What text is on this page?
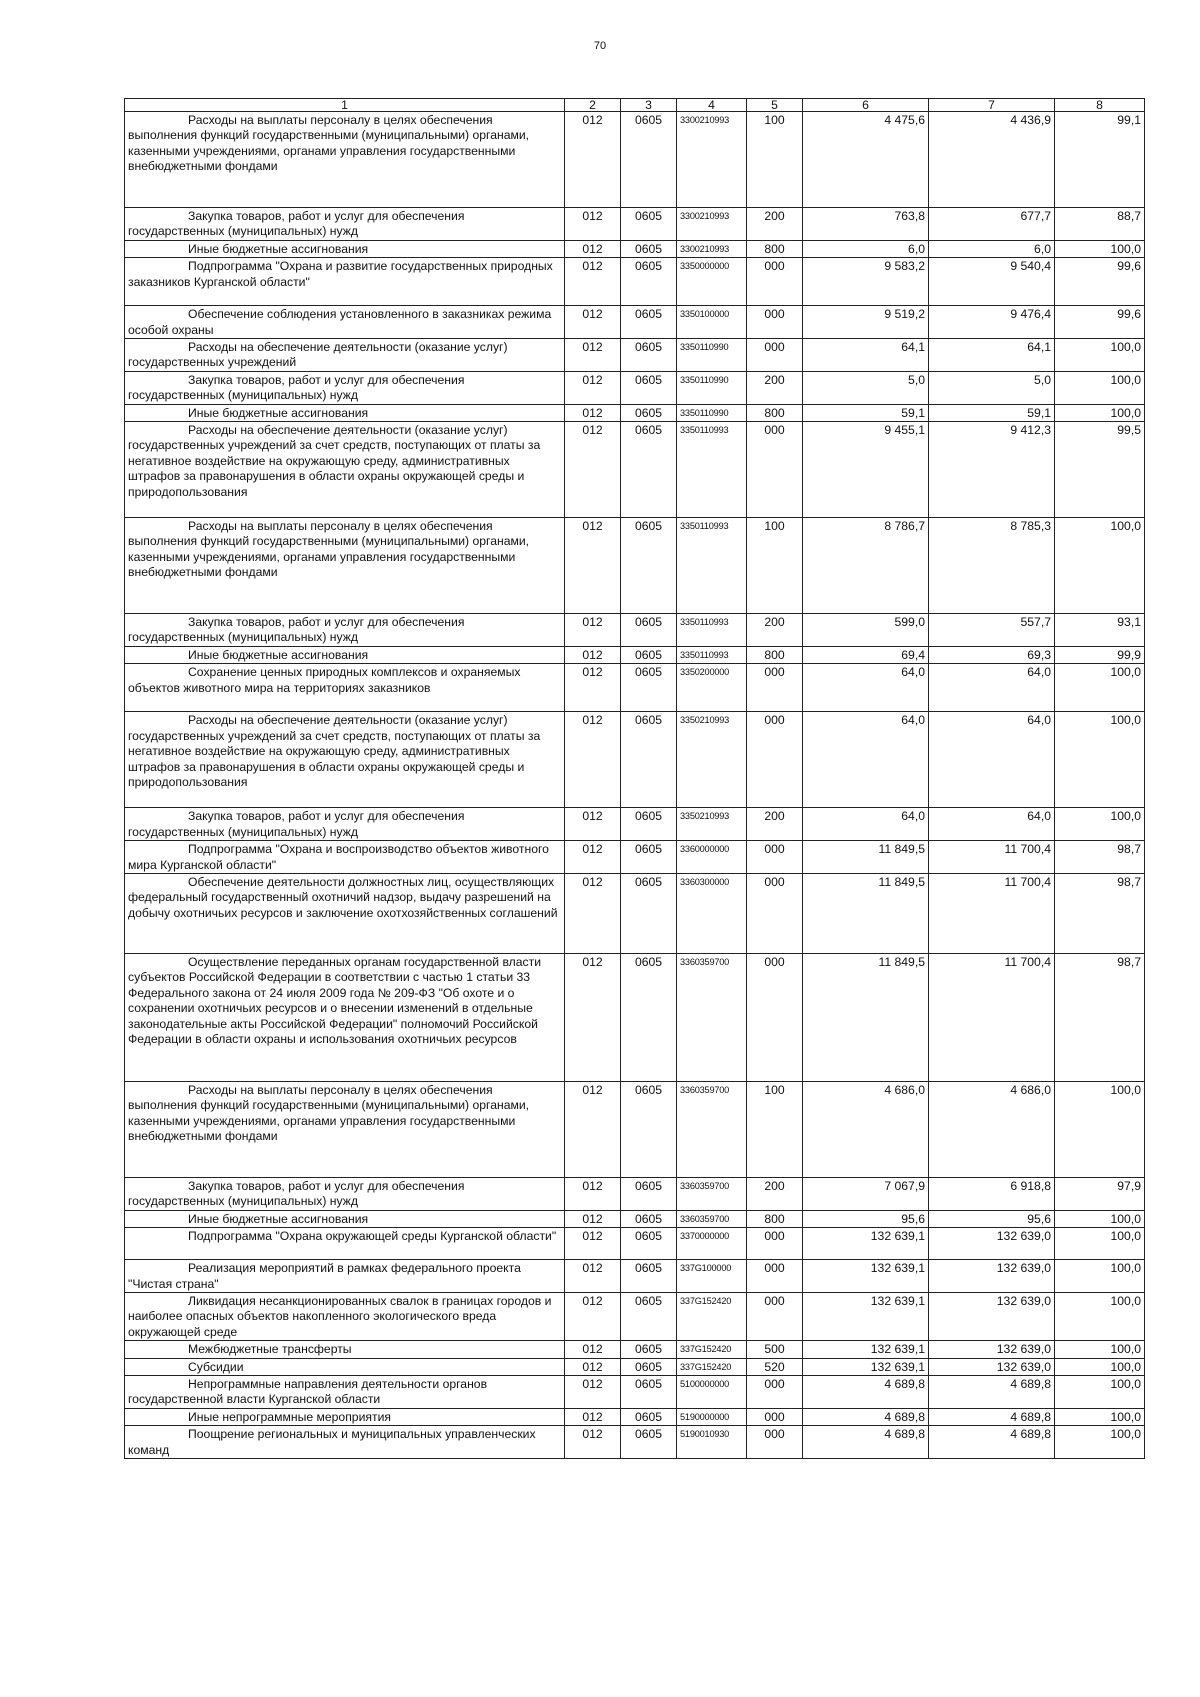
70
1	2	3	4	5	6	7	8

Расходы на выплаты персоналу в целях обеспечения выполнения функций государственными (муниципальными) органами, казенными учреждениями, органами управления государственными внебюджетными фондами	012	0605	3300210993	100	4 475,6	4 436,9	99,1

Закупка товаров, работ и услуг для обеспечения государственных (муниципальных) нужд	012	0605	3300210993	200	763,8	677,7	88,7

Иные бюджетные ассигнования	012	0605	3300210993	800	6,0	6,0	100,0

Подпрограмма "Охрана и развитие государственных природных заказников Курганской области"	012	0605	3350000000	000	9 583,2	9 540,4	99,6

Обеспечение соблюдения установленного в заказниках режима особой охраны	012	0605	3350100000	000	9 519,2	9 476,4	99,6

Расходы на обеспечение деятельности (оказание услуг) государственных учреждений	012	0605	3350110990	000	64,1	64,1	100,0

Закупка товаров, работ и услуг для обеспечения государственных (муниципальных) нужд	012	0605	3350110990	200	5,0	5,0	100,0

Иные бюджетные ассигнования	012	0605	3350110990	800	59,1	59,1	100,0

Расходы на обеспечение деятельности (оказание услуг) государственных учреждений за счет средств, поступающих от платы за негативное воздействие на окружающую среду, административных штрафов за правонарушения в области охраны окружающей среды и природопользования	012	0605	3350110993	000	9 455,1	9 412,3	99,5

Расходы на выплаты персоналу в целях обеспечения выполнения функций государственными (муниципальными) органами, казенными учреждениями, органами управления государственными внебюджетными фондами	012	0605	3350110993	100	8 786,7	8 785,3	100,0

Закупка товаров, работ и услуг для обеспечения государственных (муниципальных) нужд	012	0605	3350110993	200	599,0	557,7	93,1

Иные бюджетные ассигнования	012	0605	3350110993	800	69,4	69,3	99,9

Сохранение ценных природных комплексов и охраняемых объектов животного мира на территориях заказников	012	0605	3350200000	000	64,0	64,0	100,0

Расходы на обеспечение деятельности (оказание услуг) государственных учреждений за счет средств, поступающих от платы за негативное воздействие на окружающую среду, административных штрафов за правонарушения в области охраны окружающей среды и природопользования	012	0605	3350210993	000	64,0	64,0	100,0

Закупка товаров, работ и услуг для обеспечения государственных (муниципальных) нужд	012	0605	3350210993	200	64,0	64,0	100,0

Подпрограмма "Охрана и воспроизводство объектов животного мира Курганской области"	012	0605	3360000000	000	11 849,5	11 700,4	98,7

Обеспечение деятельности должностных лиц, осуществляющих федеральный государственный охотничий надзор, выдачу разрешений на добычу охотничьих ресурсов и заключение охотхозяйственных соглашений	012	0605	3360300000	000	11 849,5	11 700,4	98,7

Осуществление переданных органам государственной власти субъектов Российской Федерации в соответствии с частью 1 статьи 33 Федерального закона от 24 июля 2009 года № 209-ФЗ "Об охоте и о сохранении охотничьих ресурсов и о внесении изменений в отдельные законодательные акты Российской Федерации" полномочий Российской Федерации в области охраны и использования охотничьих ресурсов	012	0605	3360359700	000	11 849,5	11 700,4	98,7

Расходы на выплаты персоналу в целях обеспечения выполнения функций государственными (муниципальными) органами, казенными учреждениями, органами управления государственными внебюджетными фондами	012	0605	3360359700	100	4 686,0	4 686,0	100,0

Закупка товаров, работ и услуг для обеспечения государственных (муниципальных) нужд	012	0605	3360359700	200	7 067,9	6 918,8	97,9

Иные бюджетные ассигнования	012	0605	3360359700	800	95,6	95,6	100,0

Подпрограмма "Охрана окружающей среды Курганской области"	012	0605	3370000000	000	132 639,1	132 639,0	100,0

Реализация мероприятий в рамках федерального проекта "Чистая страна"	012	0605	337G100000	000	132 639,1	132 639,0	100,0

Ликвидация несанкционированных свалок в границах городов и наиболее опасных объектов накопленного экологического вреда окружающей среде	012	0605	337G152420	000	132 639,1	132 639,0	100,0

Межбюджетные трансферты	012	0605	337G152420	500	132 639,1	132 639,0	100,0

Субсидии	012	0605	337G152420	520	132 639,1	132 639,0	100,0

Непрограммные направления деятельности органов государственной власти Курганской области	012	0605	5100000000	000	4 689,8	4 689,8	100,0

Иные непрограммные мероприятия	012	0605	5190000000	000	4 689,8	4 689,8	100,0

Поощрение региональных и муниципальных управленческих команд	012	0605	5190010930	000	4 689,8	4 689,8	100,0
